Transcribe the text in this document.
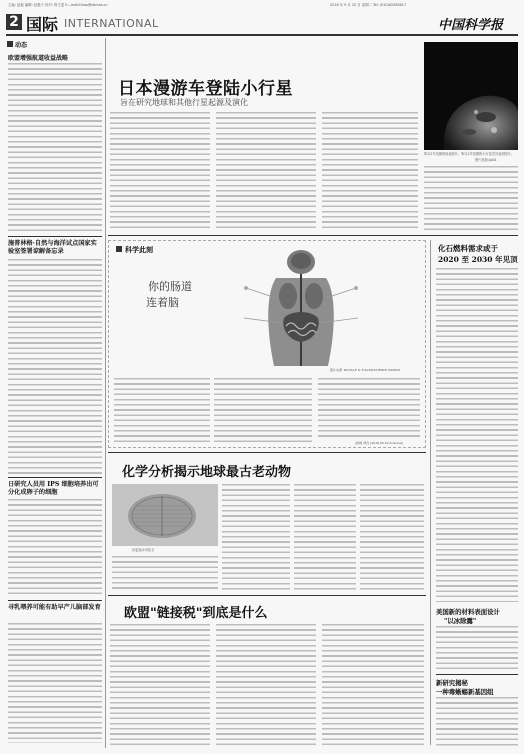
主编: 赵磊 编辑: 赵磊子 校对: 阿王更 E—mail:tihao@stimes.cn	2018 年 9 月 25 日 星期二 Tel: (010)62580617
2 国际 INTERNATIONAL	中国科学报
动态
欧盟增强航道收益战略
施普林格·自然与海洋试点国家实验室签署谅解备忘录
日研究人员用 IPS 细胞培养出可分化成卵子的细胞
寻乳喂养可能有助早产儿脑部发育
日本漫游车登陆小行星
旨在研究地球和其他行星起源及演化
隼鸟2号拍摄的地表照片。隼鸟2号拍摄的小行星龙宫表面图片。
图片来源:JAXA
科学此刻
你的肠道
连着脑
图片来源: NICOLLE R. FULLER/SCIENCE SOURCE
(徐嫦 译自 (2018.09.19 Science))
化石燃料需求或于
2020 至 2030 年见顶
美国新的材料表面设计
"以冰除露"
新研究揭秘
一种毒蜥蜴新基因组
化学分析揭示地球最古老动物
狄更逊水母化石
欧盟"链接税"到底是什么
